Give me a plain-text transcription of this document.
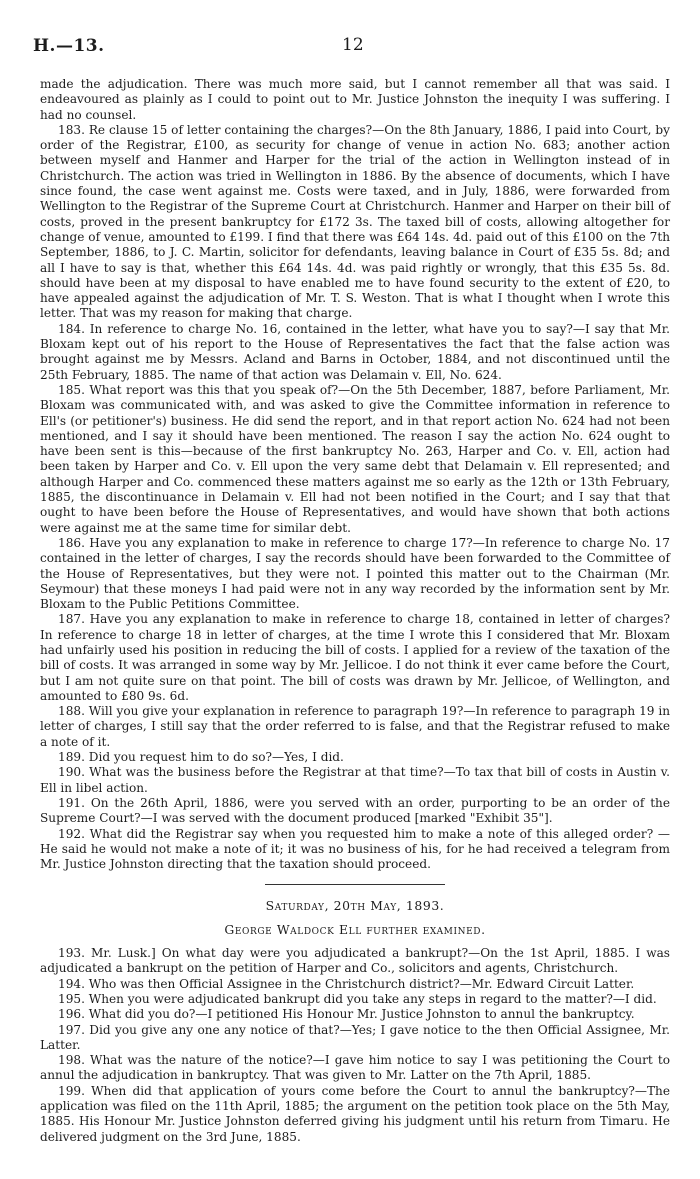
H.—13.	12

made the adjudication. There was much more said, but I cannot remember all that was said. I endeavoured as plainly as I could to point out to Mr. Justice Johnston the inequity I was suffering. I had no counsel.

183. Re clause 15 of letter containing the charges?—On the 8th January, 1886, I paid into Court, by order of the Registrar, £100, as security for change of venue in action No. 683; another action between myself and Hanmer and Harper for the trial of the action in Wellington instead of in Christchurch. The action was tried in Wellington in 1886. By the absence of documents, which I have since found, the case went against me. Costs were taxed, and in July, 1886, were forwarded from Wellington to the Registrar of the Supreme Court at Christchurch. Hanmer and Harper on their bill of costs, proved in the present bankruptcy for £172 3s. The taxed bill of costs, allowing altogether for change of venue, amounted to £199. I find that there was £64 14s. 4d. paid out of this £100 on the 7th September, 1886, to J. C. Martin, solicitor for defendants, leaving balance in Court of £35 5s. 8d; and all I have to say is that, whether this £64 14s. 4d. was paid rightly or wrongly, that this £35 5s. 8d. should have been at my disposal to have enabled me to have found security to the extent of £20, to have appealed against the adjudication of Mr. T. S. Weston. That is what I thought when I wrote this letter. That was my reason for making that charge.

184. In reference to charge No. 16, contained in the letter, what have you to say?—I say that Mr. Bloxam kept out of his report to the House of Representatives the fact that the false action was brought against me by Messrs. Acland and Barns in October, 1884, and not discontinued until the 25th February, 1885. The name of that action was Delamain v. Ell, No. 624.

185. What report was this that you speak of?—On the 5th December, 1887, before Parliament, Mr. Bloxam was communicated with, and was asked to give the Committee information in reference to Ell's (or petitioner's) business. He did send the report, and in that report action No. 624 had not been mentioned, and I say it should have been mentioned. The reason I say the action No. 624 ought to have been sent is this—because of the first bankruptcy No. 263, Harper and Co. v. Ell, action had been taken by Harper and Co. v. Ell upon the very same debt that Delamain v. Ell represented; and although Harper and Co. commenced these matters against me so early as the 12th or 13th February, 1885, the discontinuance in Delamain v. Ell had not been notified in the Court; and I say that that ought to have been before the House of Representatives, and would have shown that both actions were against me at the same time for similar debt.

186. Have you any explanation to make in reference to charge 17?—In reference to charge No. 17 contained in the letter of charges, I say the records should have been forwarded to the Committee of the House of Representatives, but they were not. I pointed this matter out to the Chairman (Mr. Seymour) that these moneys I had paid were not in any way recorded by the information sent by Mr. Bloxam to the Public Petitions Committee.

187. Have you any explanation to make in reference to charge 18, contained in letter of charges? In reference to charge 18 in letter of charges, at the time I wrote this I considered that Mr. Bloxam had unfairly used his position in reducing the bill of costs. I applied for a review of the taxation of the bill of costs. It was arranged in some way by Mr. Jellicoe. I do not think it ever came before the Court, but I am not quite sure on that point. The bill of costs was drawn by Mr. Jellicoe, of Wellington, and amounted to £80 9s. 6d.

188. Will you give your explanation in reference to paragraph 19?—In reference to paragraph 19 in letter of charges, I still say that the order referred to is false, and that the Registrar refused to make a note of it.

189. Did you request him to do so?—Yes, I did.

190. What was the business before the Registrar at that time?—To tax that bill of costs in Austin v. Ell in libel action.

191. On the 26th April, 1886, were you served with an order, purporting to be an order of the Supreme Court?—I was served with the document produced [marked "Exhibit 35"].

192. What did the Registrar say when you requested him to make a note of this alleged order? —He said he would not make a note of it; it was no business of his, for he had received a telegram from Mr. Justice Johnston directing that the taxation should proceed.

Saturday, 20th May, 1893.

George Waldock Ell further examined.

193. Mr. Lusk.] On what day were you adjudicated a bankrupt?—On the 1st April, 1885. I was adjudicated a bankrupt on the petition of Harper and Co., solicitors and agents, Christchurch.

194. Who was then Official Assignee in the Christchurch district?—Mr. Edward Circuit Latter.

195. When you were adjudicated bankrupt did you take any steps in regard to the matter?—I did.

196. What did you do?—I petitioned His Honour Mr. Justice Johnston to annul the bankruptcy.

197. Did you give any one any notice of that?—Yes; I gave notice to the then Official Assignee, Mr. Latter.

198. What was the nature of the notice?—I gave him notice to say I was petitioning the Court to annul the adjudication in bankruptcy. That was given to Mr. Latter on the 7th April, 1885.

199. When did that application of yours come before the Court to annul the bankruptcy?—The application was filed on the 11th April, 1885; the argument on the petition took place on the 5th May, 1885. His Honour Mr. Justice Johnston deferred giving his judgment until his return from Timaru. He delivered judgment on the 3rd June, 1885.
